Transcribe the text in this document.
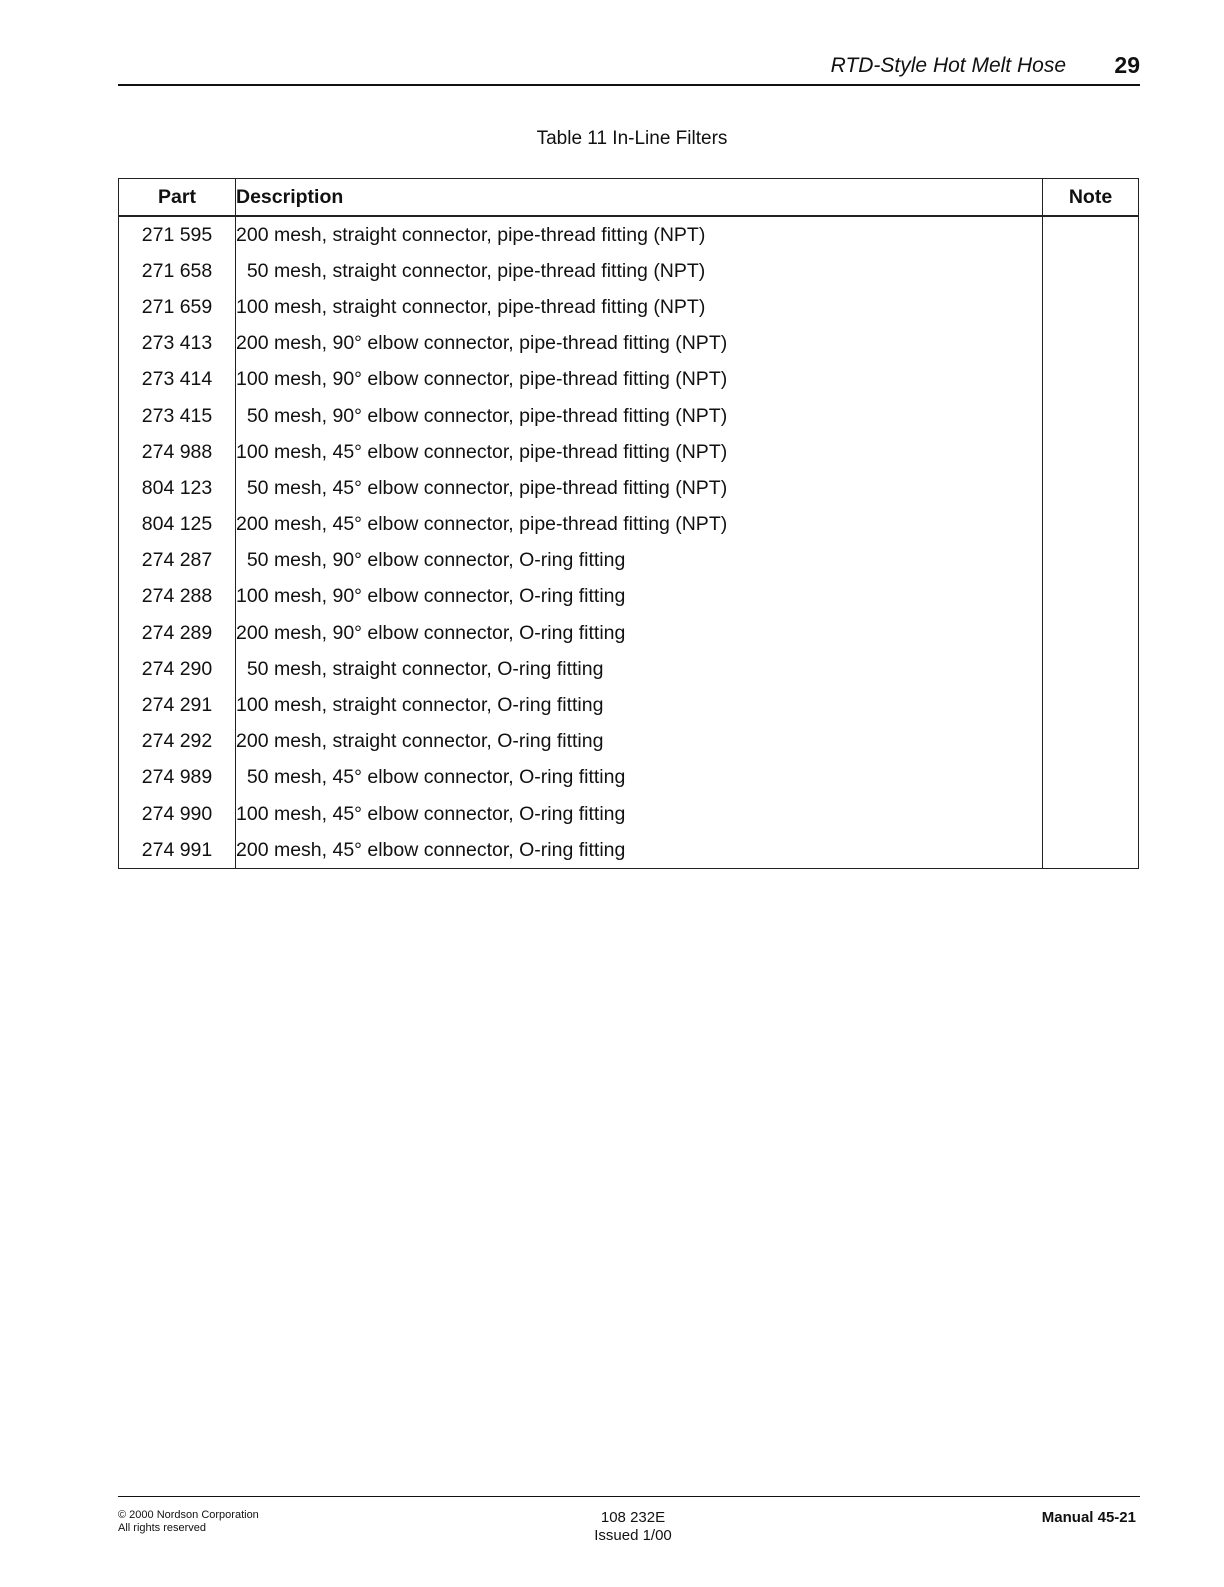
RTD-Style Hot Melt Hose 29
Table 11 In-Line Filters
Part	Description	Note
271 595	200 mesh, straight connector, pipe-thread fitting (NPT)	
271 658	50 mesh, straight connector, pipe-thread fitting (NPT)	
271 659	100 mesh, straight connector, pipe-thread fitting (NPT)	
273 413	200 mesh, 90° elbow connector, pipe-thread fitting (NPT)	
273 414	100 mesh, 90° elbow connector, pipe-thread fitting (NPT)	
273 415	50 mesh, 90° elbow connector, pipe-thread fitting (NPT)	
274 988	100 mesh, 45° elbow connector, pipe-thread fitting (NPT)	
804 123	50 mesh, 45° elbow connector, pipe-thread fitting (NPT)	
804 125	200 mesh, 45° elbow connector, pipe-thread fitting (NPT)	
274 287	50 mesh, 90° elbow connector, O-ring fitting	
274 288	100 mesh, 90° elbow connector, O-ring fitting	
274 289	200 mesh, 90° elbow connector, O-ring fitting	
274 290	50 mesh, straight connector, O-ring fitting	
274 291	100 mesh, straight connector, O-ring fitting	
274 292	200 mesh, straight connector, O-ring fitting	
274 989	50 mesh, 45° elbow connector, O-ring fitting	
274 990	100 mesh, 45° elbow connector, O-ring fitting	
274 991	200 mesh, 45° elbow connector, O-ring fitting	
© 2000 Nordson Corporation
All rights reserved
108 232E
Issued 1/00
Manual 45-21
